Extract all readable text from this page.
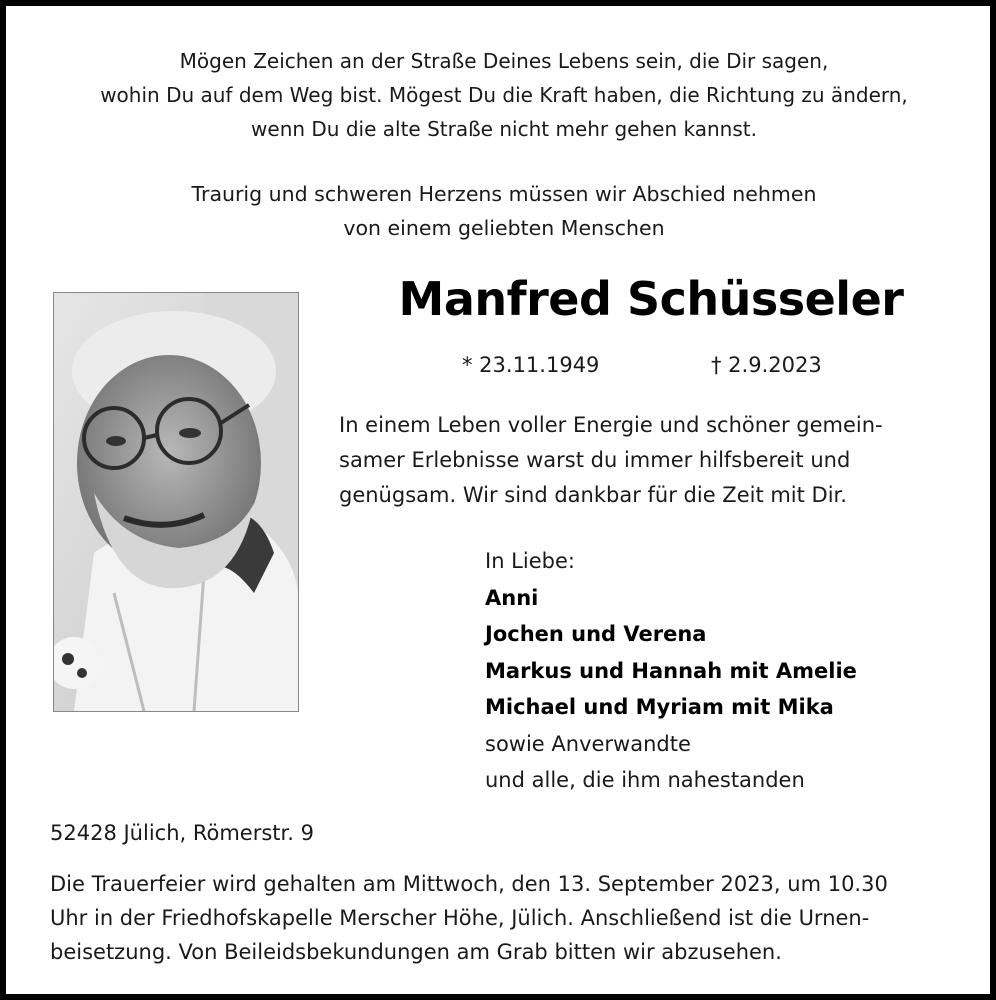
Mögen Zeichen an der Straße Deines Lebens sein, die Dir sagen,
wohin Du auf dem Weg bist. Mögest Du die Kraft haben, die Richtung zu ändern,
wenn Du die alte Straße nicht mehr gehen kannst.
Traurig und schweren Herzens müssen wir Abschied nehmen
von einem geliebten Menschen
Manfred Schüsseler
* 23.11.1949	† 2.9.2023
In einem Leben voller Energie und schöner gemein-
samer Erlebnisse warst du immer hilfsbereit und
genügsam. Wir sind dankbar für die Zeit mit Dir.
In Liebe:
Anni
Jochen und Verena
Markus und Hannah mit Amelie
Michael und Myriam mit Mika
sowie Anverwandte
und alle, die ihm nahestanden
52428 Jülich, Römerstr. 9
Die Trauerfeier wird gehalten am Mittwoch, den 13. September 2023, um 10.30
Uhr in der Friedhofskapelle Merscher Höhe, Jülich. Anschließend ist die Urnen-
beisetzung. Von Beileidsbekundungen am Grab bitten wir abzusehen.
